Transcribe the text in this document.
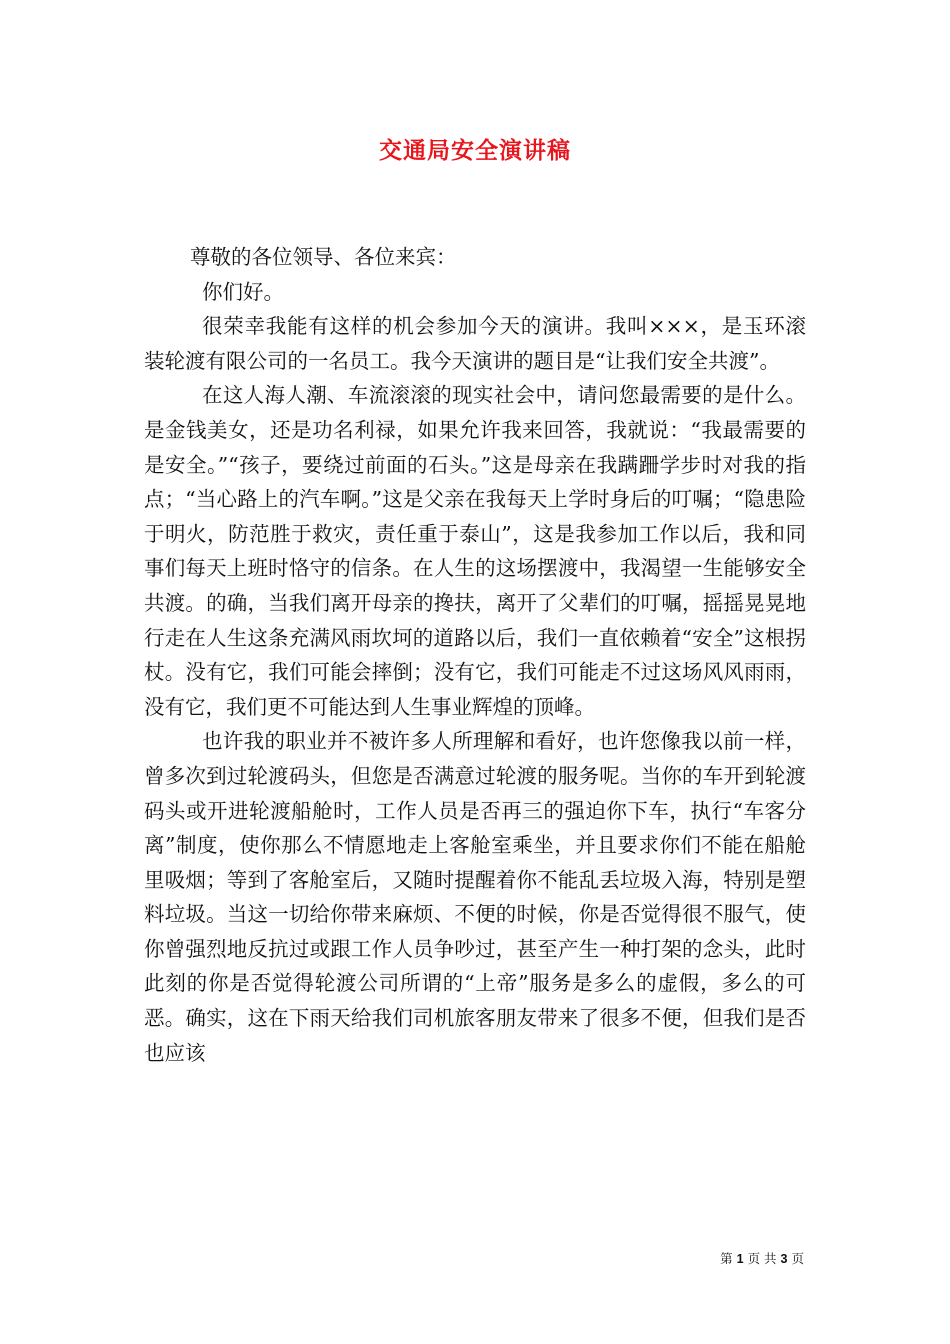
交通局安全演讲稿

尊敬的各位领导、各位来宾：

你们好。

很荣幸我能有这样的机会参加今天的演讲。我叫×××，是玉环滚装轮渡有限公司的一名员工。我今天演讲的题目是“让我们安全共渡”。

在这人海人潮、车流滚滚的现实社会中，请问您最需要的是什么。是金钱美女，还是功名利禄，如果允许我来回答，我就说：“我最需要的是安全。”“孩子，要绕过前面的石头。”这是母亲在我蹒跚学步时对我的指点；“当心路上的汽车啊。”这是父亲在我每天上学时身后的叮嘱；“隐患险于明火，防范胜于救灾，责任重于泰山”，这是我参加工作以后，我和同事们每天上班时恪守的信条。在人生的这场摆渡中，我渴望一生能够安全共渡。的确，当我们离开母亲的搀扶，离开了父辈们的叮嘱，摇摇晃晃地行走在人生这条充满风雨坎坷的道路以后，我们一直依赖着“安全”这根拐杖。没有它，我们可能会摔倒；没有它，我们可能走不过这场风风雨雨，没有它，我们更不可能达到人生事业辉煌的顶峰。

也许我的职业并不被许多人所理解和看好，也许您像我以前一样，曾多次到过轮渡码头，但您是否满意过轮渡的服务呢。当你的车开到轮渡码头或开进轮渡船舱时，工作人员是否再三的强迫你下车，执行“车客分离”制度，使你那么不情愿地走上客舱室乘坐，并且要求你们不能在船舱里吸烟；等到了客舱室后，又随时提醒着你不能乱丢垃圾入海，特别是塑料垃圾。当这一切给你带来麻烦、不便的时候，你是否觉得很不服气，使你曾强烈地反抗过或跟工作人员争吵过，甚至产生一种打架的念头，此时此刻的你是否觉得轮渡公司所谓的“上帝”服务是多么的虚假，多么的可恶。确实，这在下雨天给我们司机旅客朋友带来了很多不便，但我们是否也应该

第 1 页 共 3 页
